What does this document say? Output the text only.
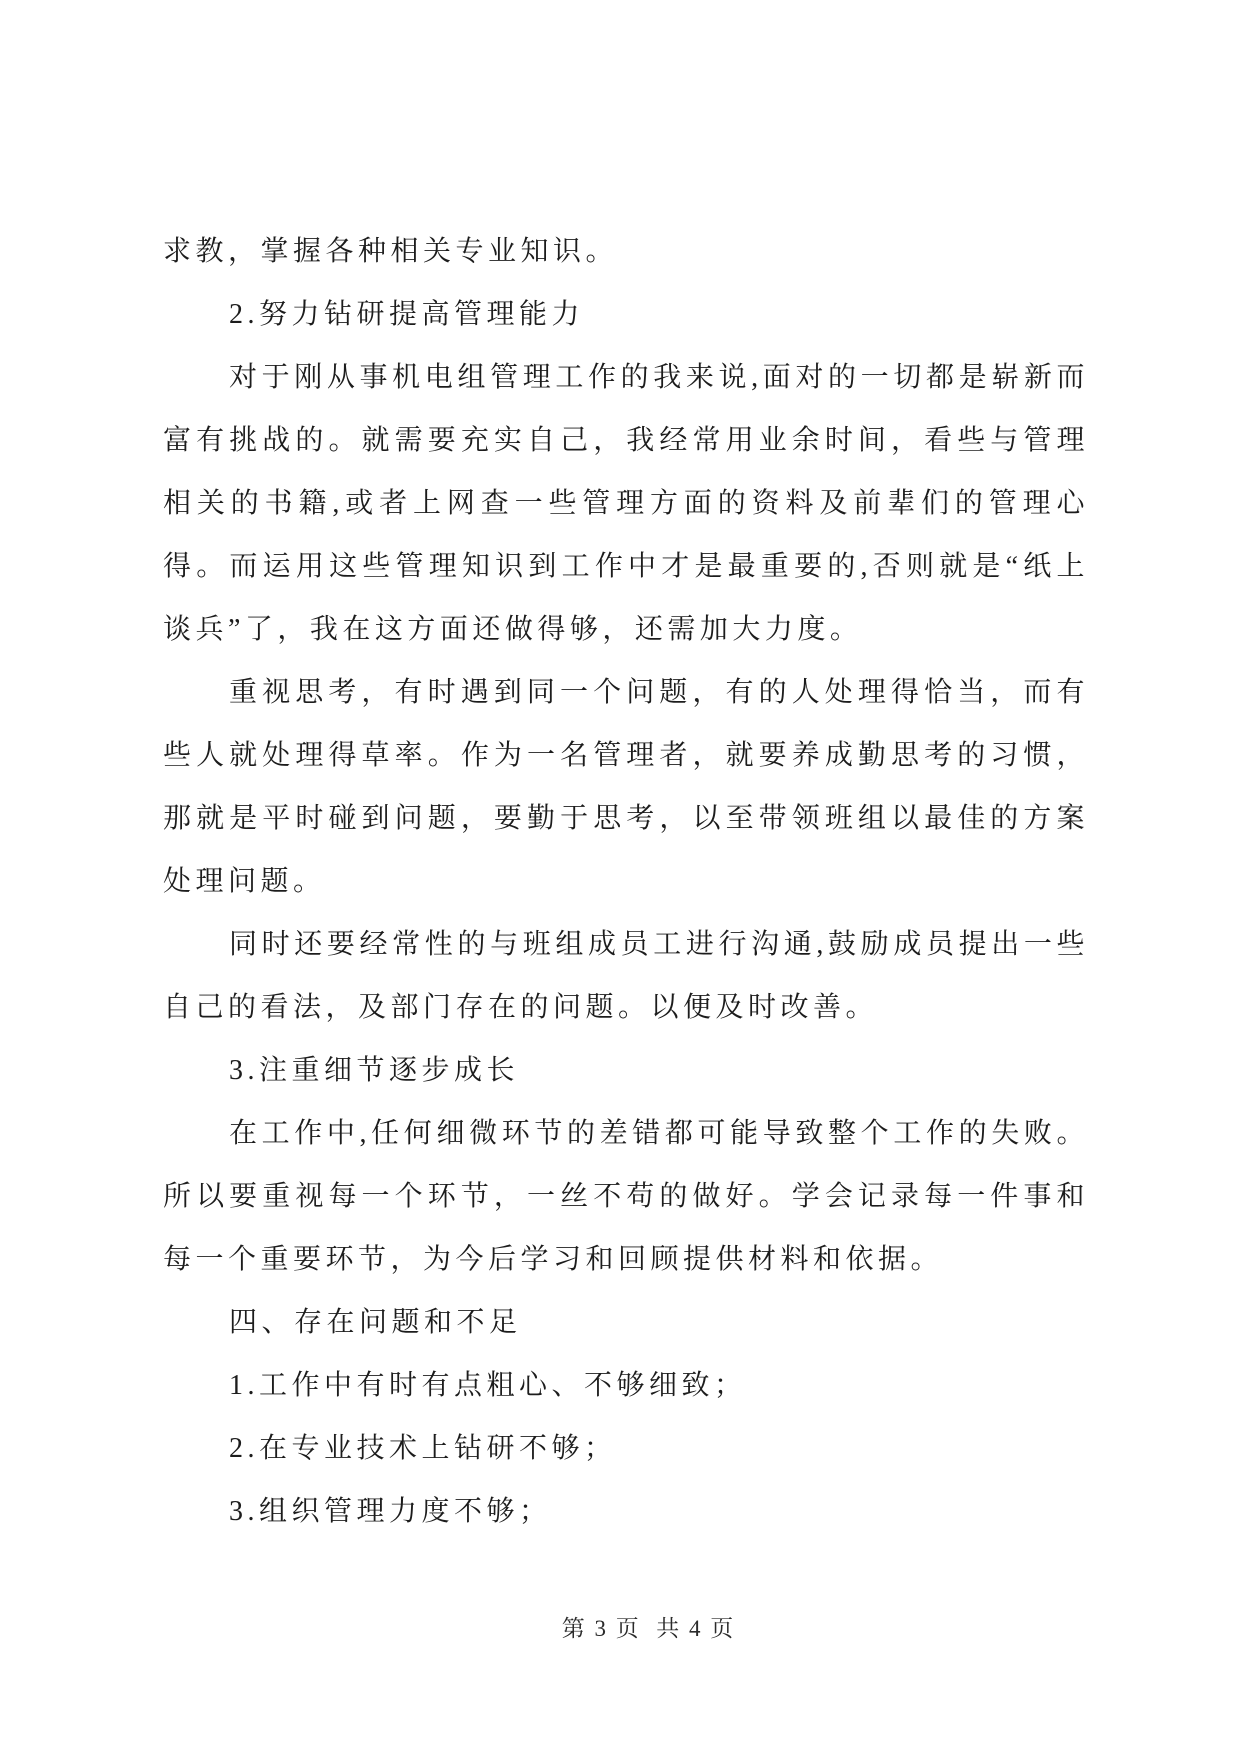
求教，掌握各种相关专业知识。

2.努力钻研提高管理能力

对于刚从事机电组管理工作的我来说,面对的一切都是崭新而富有挑战的。就需要充实自己，我经常用业余时间，看些与管理相关的书籍,或者上网查一些管理方面的资料及前辈们的管理心得。而运用这些管理知识到工作中才是最重要的,否则就是“纸上谈兵”了，我在这方面还做得够，还需加大力度。

重视思考，有时遇到同一个问题，有的人处理得恰当，而有些人就处理得草率。作为一名管理者，就要养成勤思考的习惯，那就是平时碰到问题，要勤于思考，以至带领班组以最佳的方案处理问题。

同时还要经常性的与班组成员工进行沟通,鼓励成员提出一些自己的看法，及部门存在的问题。以便及时改善。

3.注重细节逐步成长

在工作中,任何细微环节的差错都可能导致整个工作的失败。所以要重视每一个环节，一丝不苟的做好。学会记录每一件事和每一个重要环节，为今后学习和回顾提供材料和依据。

四、存在问题和不足

1.工作中有时有点粗心、不够细致；

2.在专业技术上钻研不够；

3.组织管理力度不够；

第 3 页  共 4 页
